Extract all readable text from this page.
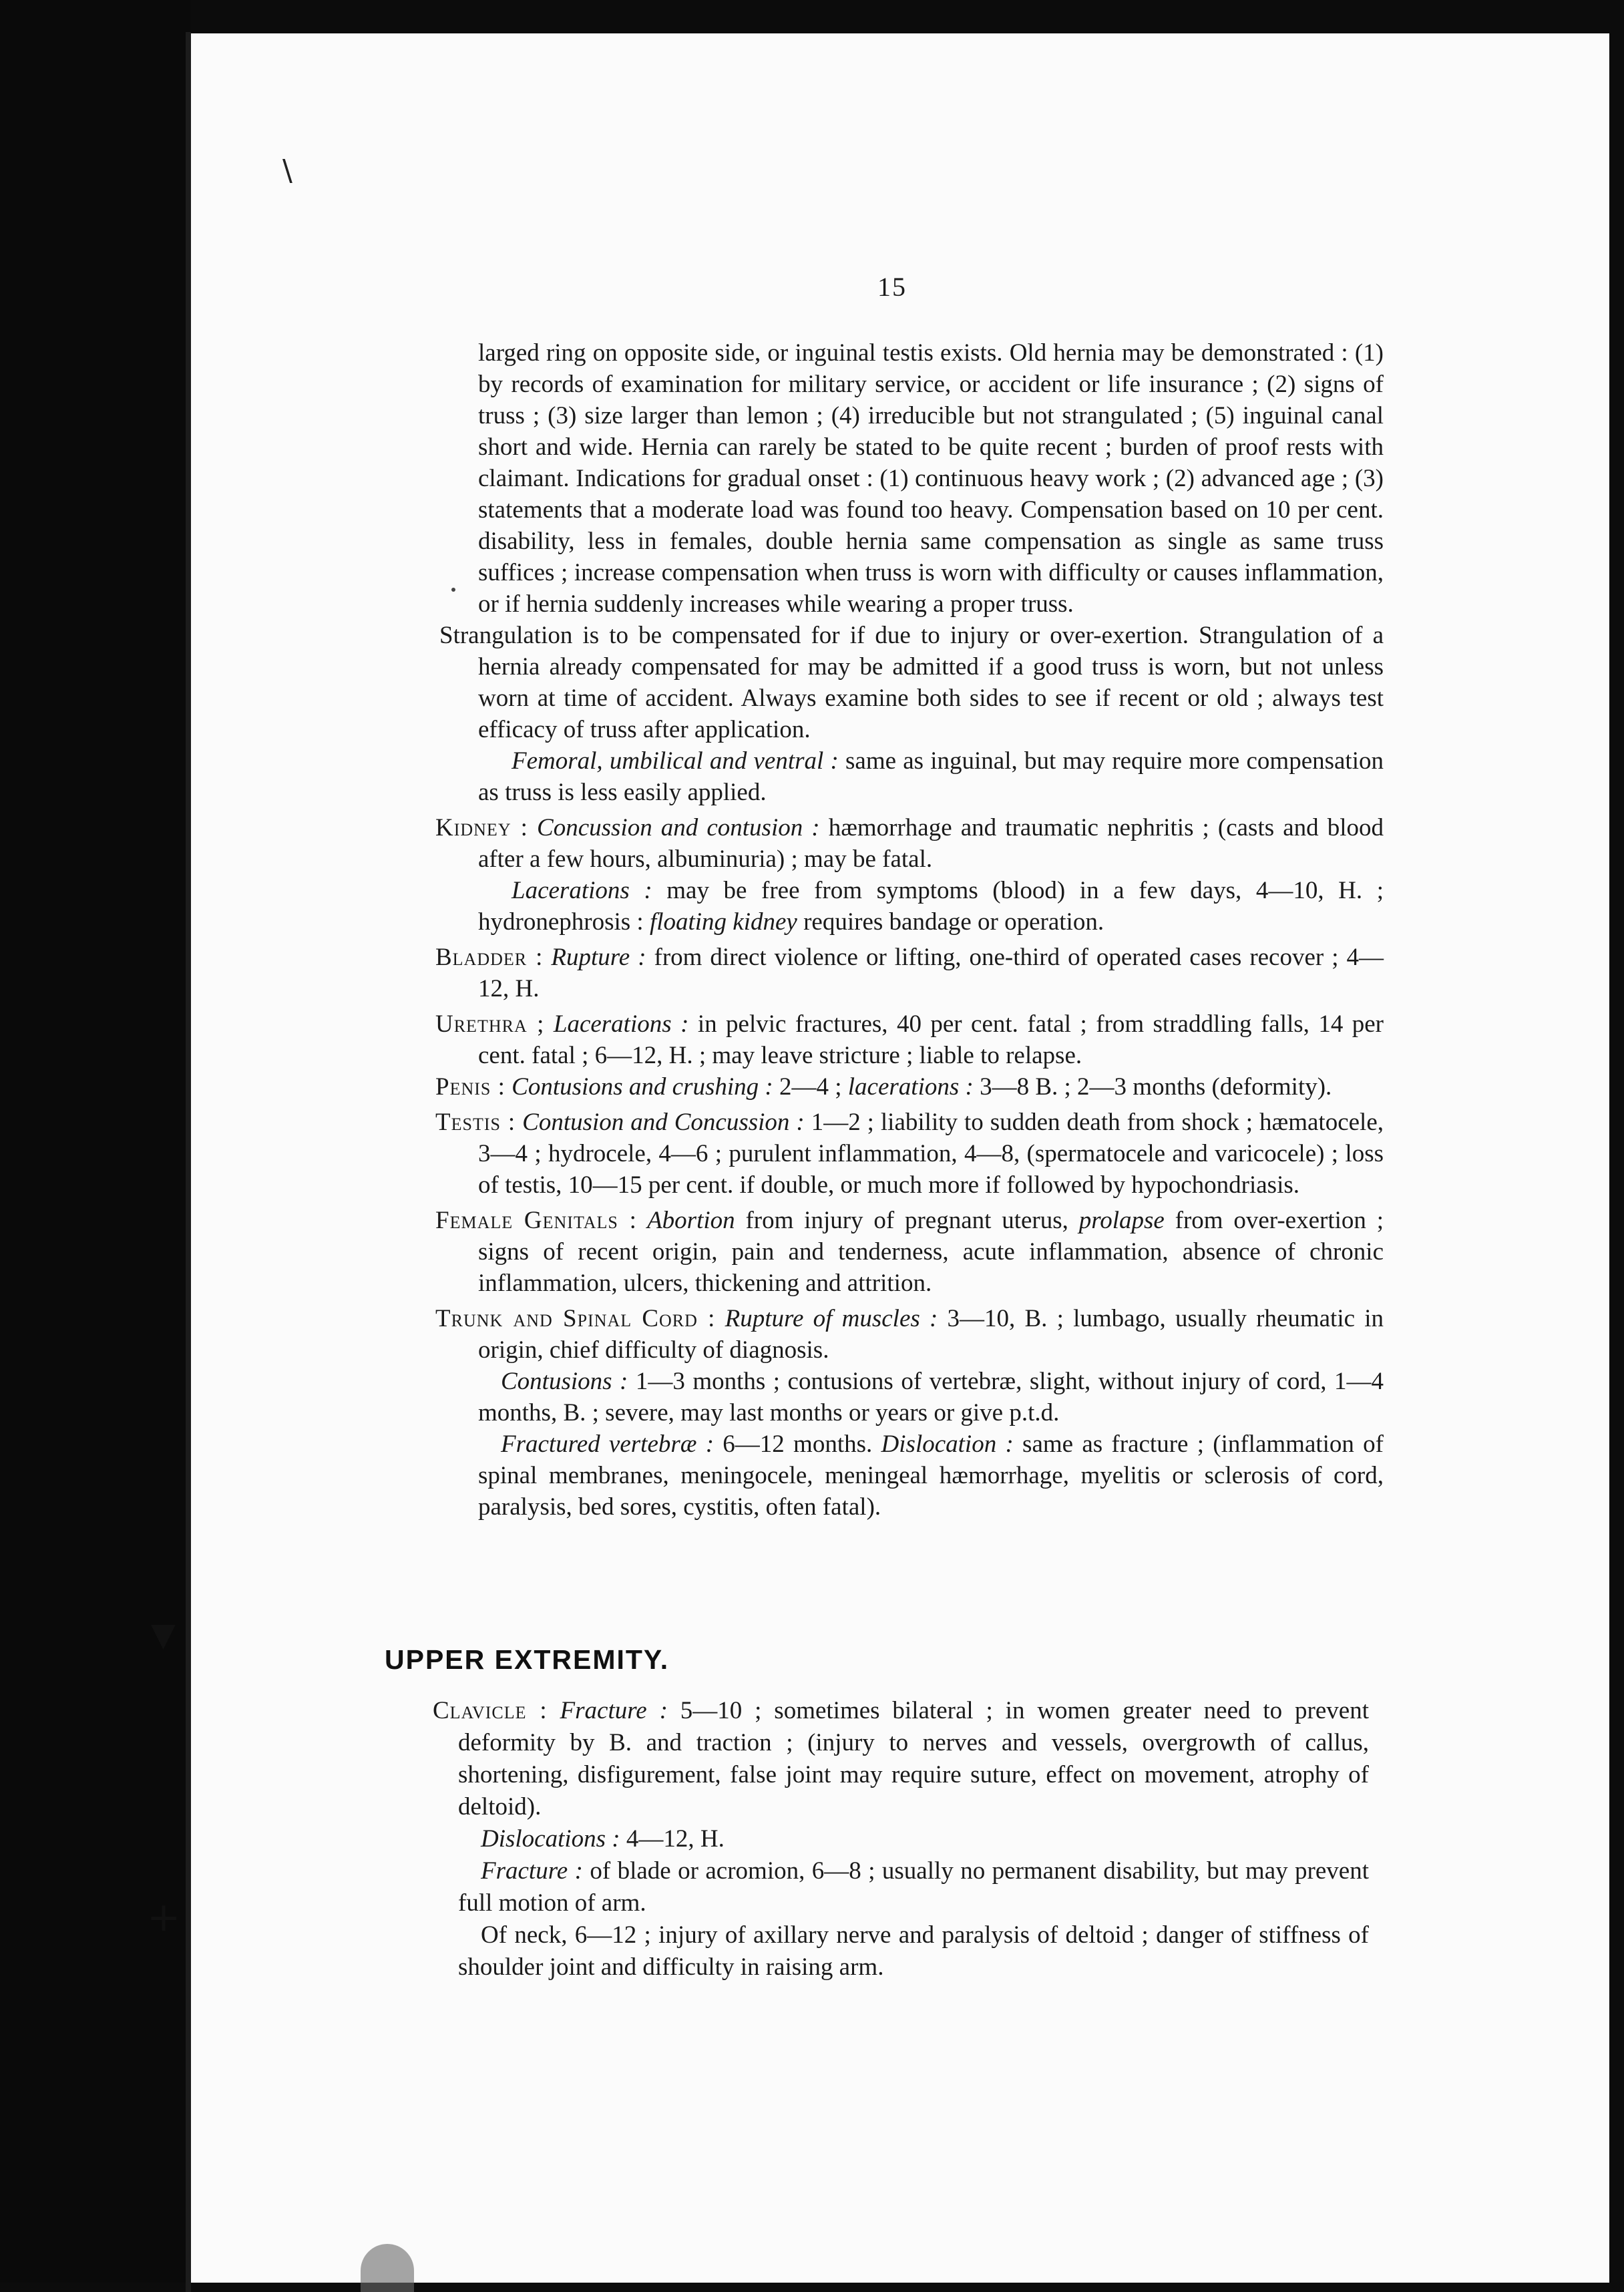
\
▼
+
15

larged ring on opposite side, or inguinal testis exists. Old hernia may be demonstrated : (1) by records of examination for military service, or accident or life insurance ; (2) signs of truss ; (3) size larger than lemon ; (4) irreducible but not strangulated ; (5) inguinal canal short and wide. Hernia can rarely be stated to be quite recent ; burden of proof rests with claimant. Indications for gradual onset : (1) continuous heavy work ; (2) advanced age ; (3) statements that a moderate load was found too heavy. Compensation based on 10 per cent. disability, less in females, double hernia same compensation as single as same truss suffices ; increase compensation when truss is worn with difficulty or causes inflammation, or if hernia suddenly increases while wearing a proper truss.

Strangulation is to be compensated for if due to injury or over-exertion. Strangulation of a hernia already compensated for may be admitted if a good truss is worn, but not unless worn at time of accident. Always examine both sides to see if recent or old ; always test efficacy of truss after application.

Femoral, umbilical and ventral : same as inguinal, but may require more compensation as truss is less easily applied.

Kidney : Concussion and contusion : hæmorrhage and traumatic nephritis ; (casts and blood after a few hours, albuminuria) ; may be fatal.

Lacerations : may be free from symptoms (blood) in a few days, 4—10, H. ; hydronephrosis : floating kidney requires bandage or operation.

Bladder : Rupture : from direct violence or lifting, one-third of operated cases recover ; 4—12, H.

Urethra ; Lacerations : in pelvic fractures, 40 per cent. fatal ; from straddling falls, 14 per cent. fatal ; 6—12, H. ; may leave stricture ; liable to relapse.

Penis : Contusions and crushing : 2—4 ; lacerations : 3—8 B. ; 2—3 months (deformity).

Testis : Contusion and Concussion : 1—2 ; liability to sudden death from shock ; hæmatocele, 3—4 ; hydrocele, 4—6 ; purulent inflammation, 4—8, (spermatocele and varicocele) ; loss of testis, 10—15 per cent. if double, or much more if followed by hypochondriasis.

Female Genitals : Abortion from injury of pregnant uterus, prolapse from over-exertion ; signs of recent origin, pain and tenderness, acute inflammation, absence of chronic inflammation, ulcers, thickening and attrition.

Trunk and Spinal Cord : Rupture of muscles : 3—10, B. ; lumbago, usually rheumatic in origin, chief difficulty of diagnosis.

Contusions : 1—3 months ; contusions of vertebræ, slight, without injury of cord, 1—4 months, B. ; severe, may last months or years or give p.t.d.

Fractured vertebræ : 6—12 months. Dislocation : same as fracture ; (inflammation of spinal membranes, meningocele, meningeal hæmorrhage, myelitis or sclerosis of cord, paralysis, bed sores, cystitis, often fatal).

UPPER EXTREMITY.

Clavicle : Fracture : 5—10 ; sometimes bilateral ; in women greater need to prevent deformity by B. and traction ; (injury to nerves and vessels, overgrowth of callus, shortening, disfigurement, false joint may require suture, effect on movement, atrophy of deltoid).

Dislocations : 4—12, H.

Fracture : of blade or acromion, 6—8 ; usually no permanent disability, but may prevent full motion of arm.

Of neck, 6—12 ; injury of axillary nerve and paralysis of deltoid ; danger of stiffness of shoulder joint and difficulty in raising arm.
